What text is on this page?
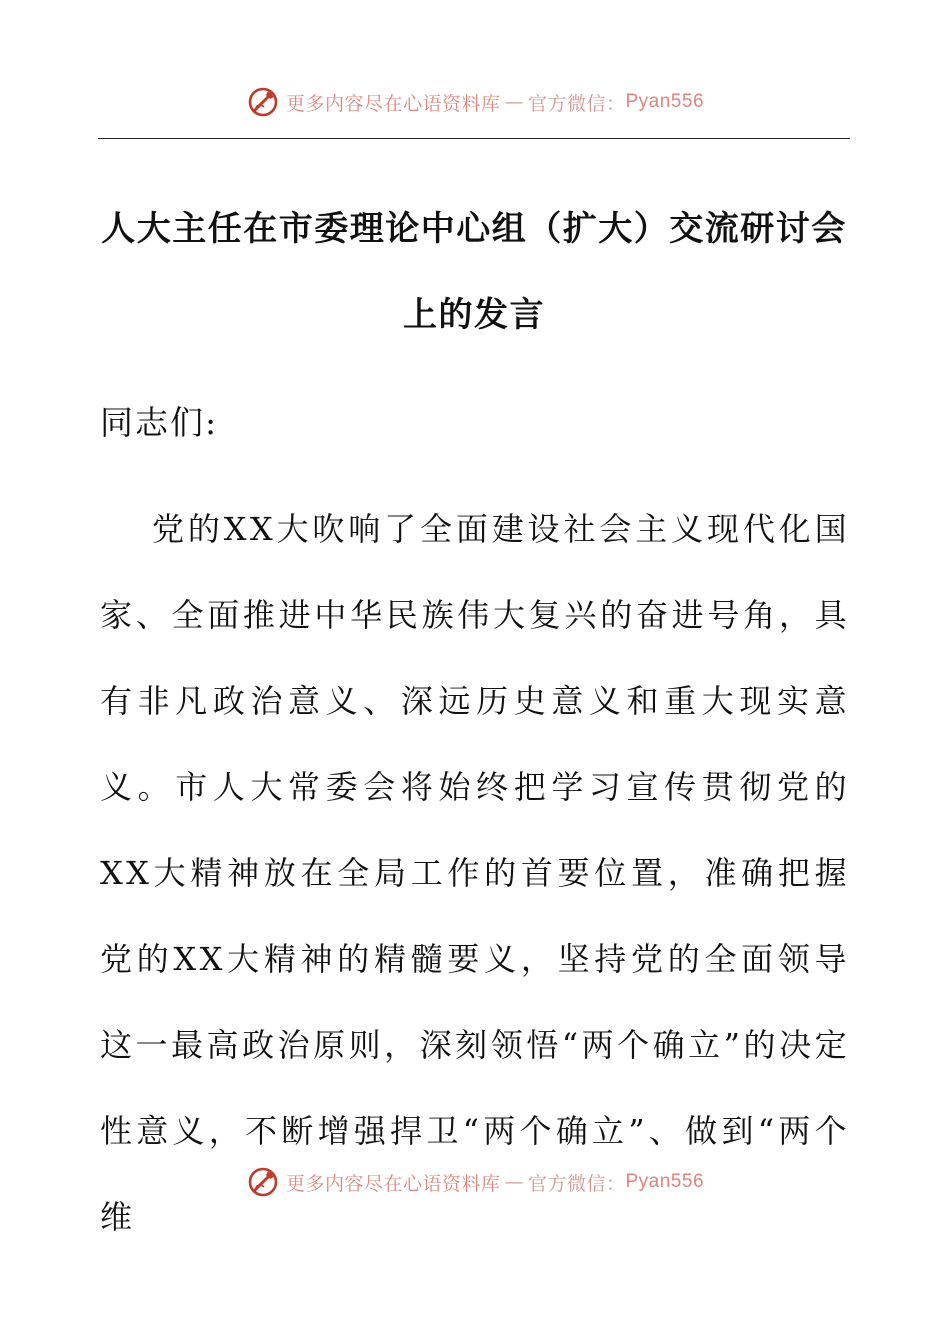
更多内容尽在心语资料库 — 官方微信： Pyan556
人大主任在市委理论中心组（扩大）交流研讨会上的发言
同志们:
党的XX大吹响了全面建设社会主义现代化国家、全面推进中华民族伟大复兴的奋进号角，具有非凡政治意义、深远历史意义和重大现实意义。市人大常委会将始终把学习宣传贯彻党的XX大精神放在全局工作的首要位置，准确把握党的XX大精神的精髓要义，坚持党的全面领导这一最高政治原则，深刻领悟“两个确立”的决定性意义，不断增强捍卫“两个确立”、做到“两个维
更多内容尽在心语资料库 — 官方微信： Pyan556
